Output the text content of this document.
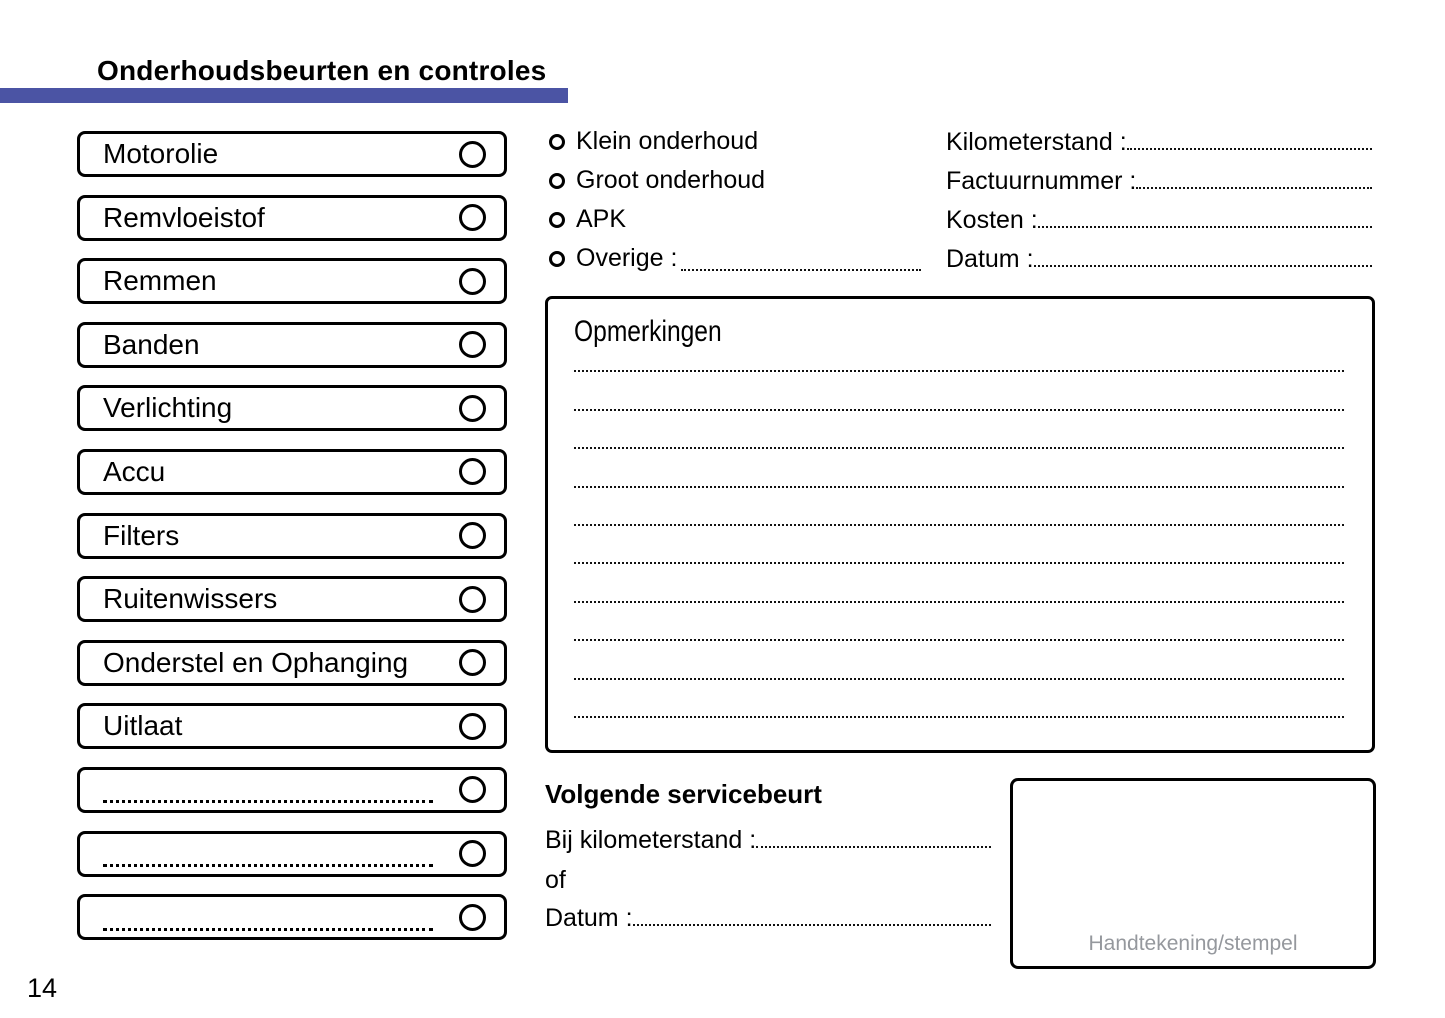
Onderhoudsbeurten en controles
Motorolie
Remvloeistof
Remmen
Banden
Verlichting
Accu
Filters
Ruitenwissers
Onderstel en Ophanging
Uitlaat
Klein onderhoud
Groot onderhoud
APK
Overige :
Kilometerstand :
Factuurnummer :
Kosten :
Datum :
Opmerkingen
Volgende servicebeurt
Bij kilometerstand :
of
Datum :
Handtekening/stempel
14
